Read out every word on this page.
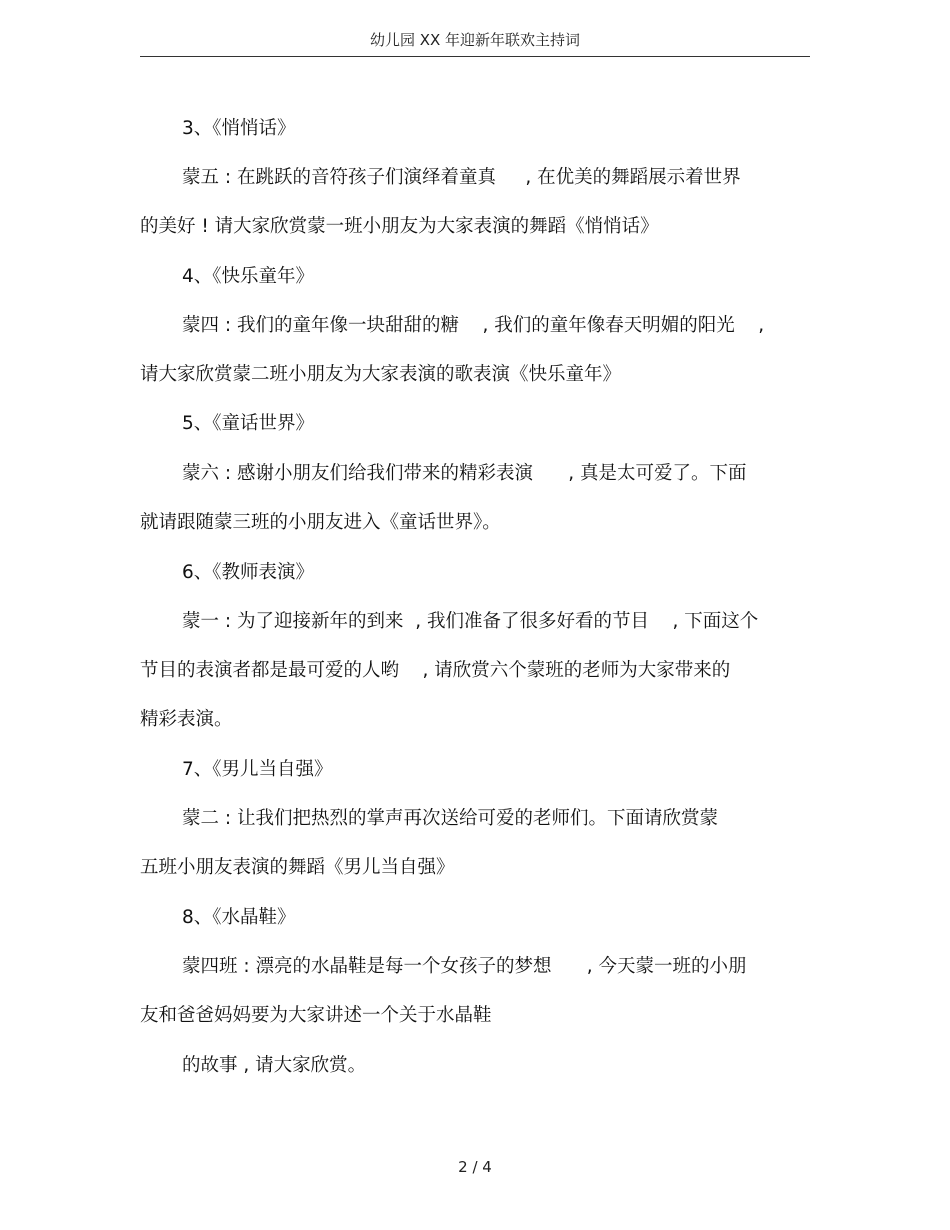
幼儿园 XX 年迎新年联欢主持词
3、《悄悄话》
蒙五 : 在跳跃的音符孩子们演绎着童真     , 在优美的舞蹈展示着世界
的美好 ! 请大家欣赏蒙一班小朋友为大家表演的舞蹈《悄悄话》
4、《快乐童年》
蒙四 : 我们的童年像一块甜甜的糖    , 我们的童年像春天明媚的阳光    ,
请大家欣赏蒙二班小朋友为大家表演的歌表演《快乐童年》
5、《童话世界》
蒙六 : 感谢小朋友们给我们带来的精彩表演      , 真是太可爱了。下面
就请跟随蒙三班的小朋友进入《童话世界》。
6、《教师表演》
蒙一 : 为了迎接新年的到来  , 我们准备了很多好看的节目    , 下面这个
节目的表演者都是最可爱的人哟    , 请欣赏六个蒙班的老师为大家带来的
精彩表演。
7、《男儿当自强》
蒙二 : 让我们把热烈的掌声再次送给可爱的老师们。下面请欣赏蒙
五班小朋友表演的舞蹈《男儿当自强》
8、《水晶鞋》
蒙四班 : 漂亮的水晶鞋是每一个女孩子的梦想      , 今天蒙一班的小朋
友和爸爸妈妈要为大家讲述一个关于水晶鞋
的故事 , 请大家欣赏。
2 / 4
